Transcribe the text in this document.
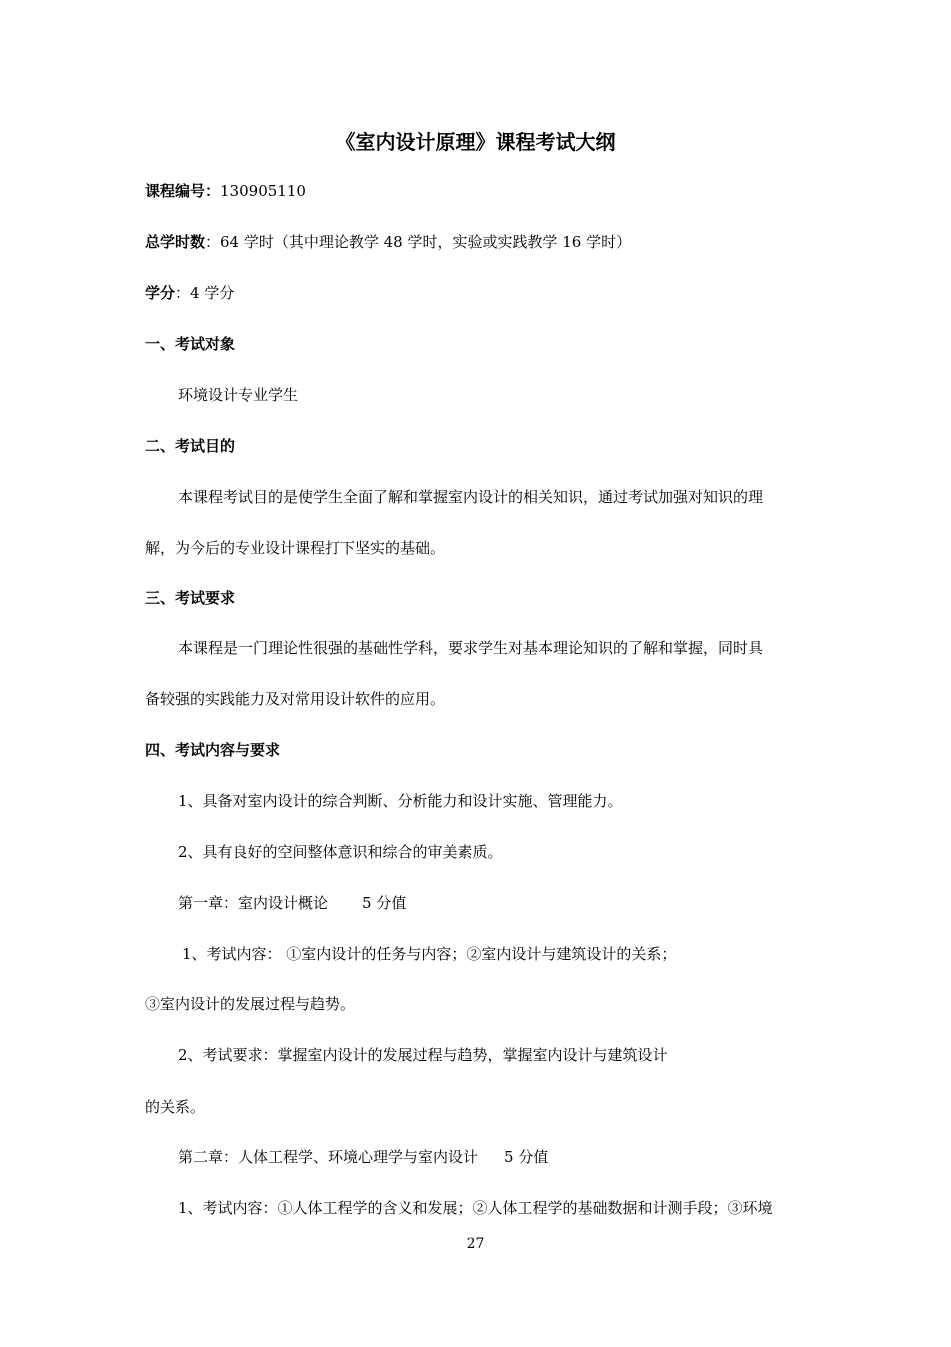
《室内设计原理》课程考试大纲
课程编号：130905110
总学时数：64 学时（其中理论教学 48 学时，实验或实践教学 16 学时）
学分：4 学分
一、考试对象
环境设计专业学生
二、考试目的
本课程考试目的是使学生全面了解和掌握室内设计的相关知识，通过考试加强对知识的理
解，为今后的专业设计课程打下坚实的基础。
三、考试要求
本课程是一门理论性很强的基础性学科，要求学生对基本理论知识的了解和掌握，同时具
备较强的实践能力及对常用设计软件的应用。
四、考试内容与要求
1、具备对室内设计的综合判断、分析能力和设计实施、管理能力。
2、具有良好的空间整体意识和综合的审美素质。
第一章：室内设计概论 5 分值
1、考试内容： ①室内设计的任务与内容；②室内设计与建筑设计的关系；
③室内设计的发展过程与趋势。
2、考试要求：掌握室内设计的发展过程与趋势，掌握室内设计与建筑设计
的关系。
第二章：人体工程学、环境心理学与室内设计 5 分值
1、考试内容：①人体工程学的含义和发展；②人体工程学的基础数据和计测手段；③环境
27
